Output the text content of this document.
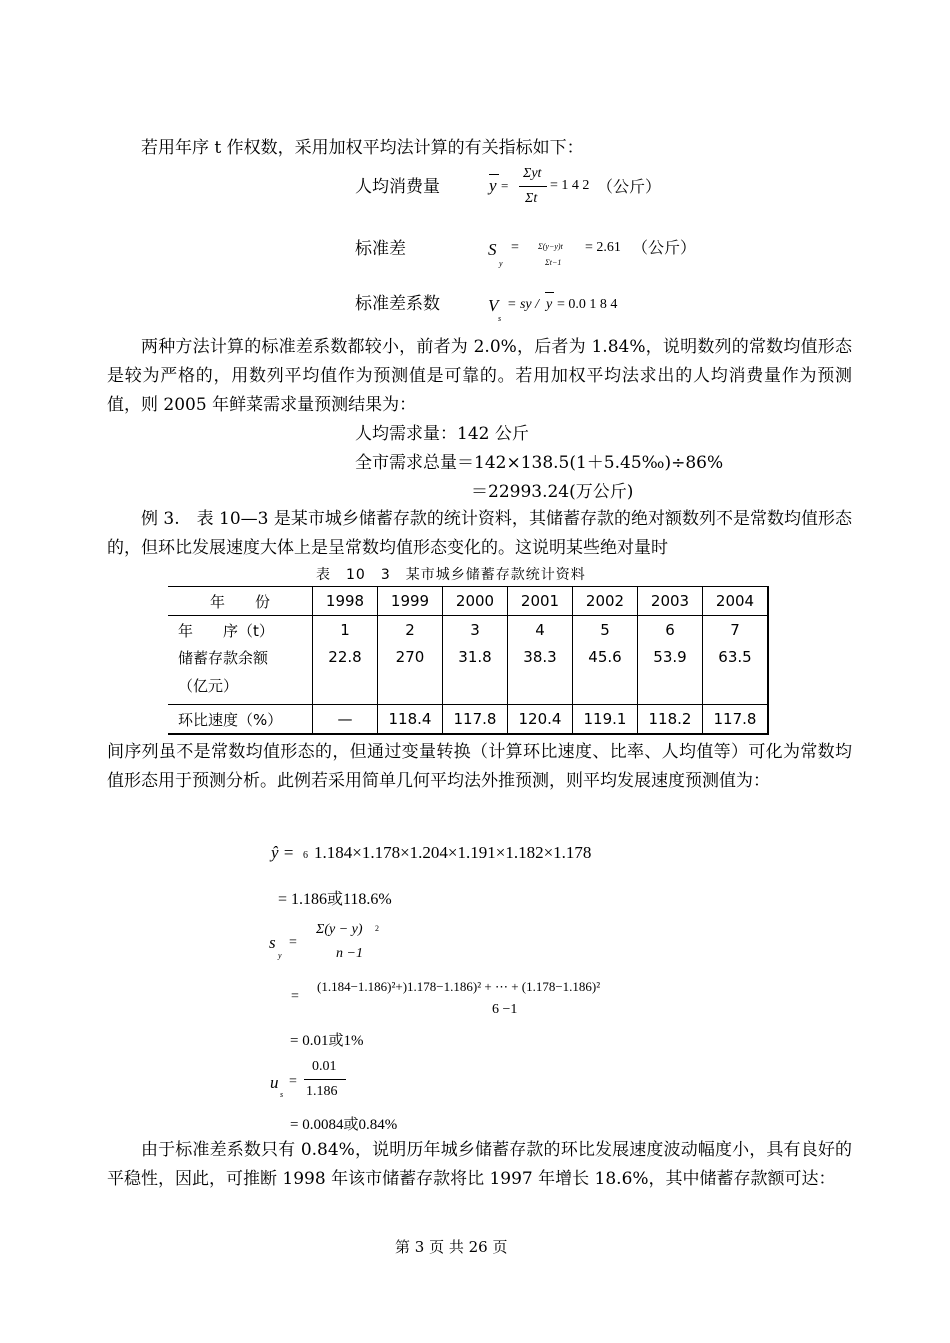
若用年序 t 作权数，采用加权平均法计算的有关指标如下：
人均消费量	y =
Σyt
Σt
= 1 4 2 （公斤）
标准差	S
y
= Σ(y−y)t
Σt−1
= 2.61 （公斤）
标准差系数	V
s
= sy / y = 0.0 1 8 4
两种方法计算的标准差系数都较小，前者为 2.0%，后者为 1.84%，说明数列的常数均值形态是较为严格的，用数列平均值作为预测值是可靠的。若用加权平均法求出的人均消费量作为预测值，则 2005 年鲜菜需求量预测结果为：
人均需求量：142 公斤
全市需求总量＝142×138.5(1＋5.45‰)÷86%
＝22993.24(万公斤)
例 3.　表 10—3 是某市城乡储蓄存款的统计资料，其储蓄存款的绝对额数列不是常数均值形态的，但环比发展速度大体上是呈常数均值形态变化的。这说明某些绝对量时
表　10　3　某市城乡储蓄存款统计资料
年　　份	1998	1999	2000	2001	2002	2003	2004
年　　序（t）	1	2	3	4	5	6	7

储蓄存款余额
（亿元）	22.8	270	31.8	38.3	45.6	53.9	63.5
环比速度（%）	—	118.4	117.8	120.4	119.1	118.2	117.8
间序列虽不是常数均值形态的，但通过变量转换（计算环比速度、比率、人均值等）可化为常数均值形态用于预测分析。此例若采用简单几何平均法外推预测，则平均发展速度预测值为：
ŷ = 6 1.184×1.178×1.204×1.191×1.182×1.178
= 1.186或118.6%
s
y
=
Σ(y − y) 2
n −1
=
(1.184−1.186)²+)1.178−1.186)² + ⋯ + (1.178−1.186)²
6 −1
= 0.01或1%
u
s
=
0.01
1.186
= 0.0084或0.84%
由于标准差系数只有 0.84%，说明历年城乡储蓄存款的环比发展速度波动幅度小，具有良好的平稳性，因此，可推断 1998 年该市储蓄存款将比 1997 年增长 18.6%，其中储蓄存款额可达：
第 3 页 共 26 页
